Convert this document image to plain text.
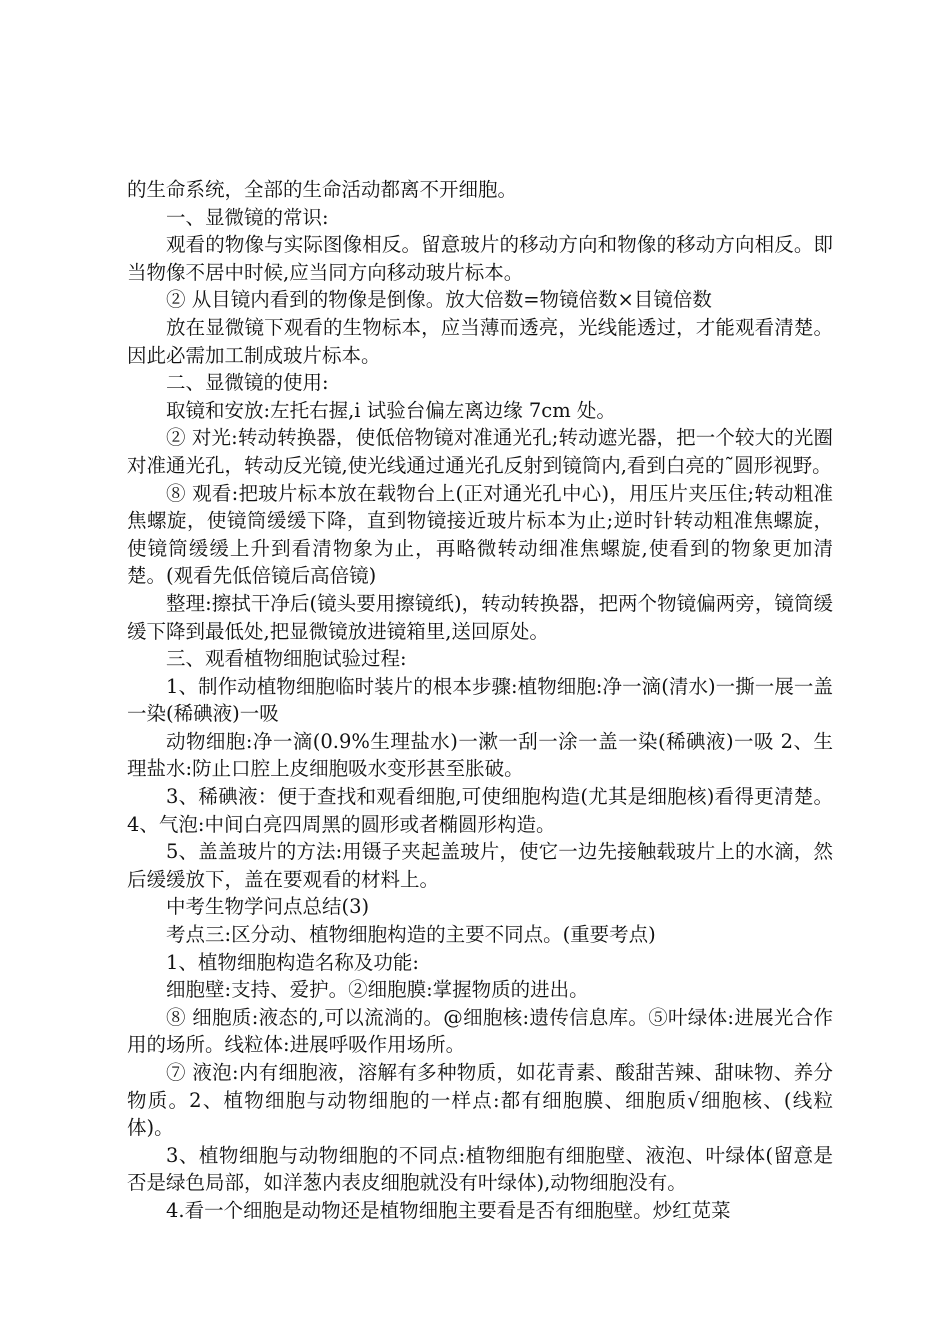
的生命系统，全部的生命活动都离不开细胞。

一、显微镜的常识:

观看的物像与实际图像相反。留意玻片的移动方向和物像的移动方向相反。即当物像不居中时候,应当同方向移动玻片标本。

② 从目镜内看到的物像是倒像。放大倍数=物镜倍数×目镜倍数

放在显微镜下观看的生物标本，应当薄而透亮，光线能透过，才能观看清楚。因此必需加工制成玻片标本。

二、显微镜的使用:

取镜和安放:左托右握,i 试验台偏左离边缘 7cm 处。

② 对光:转动转换器，使低倍物镜对准通光孔;转动遮光器，把一个较大的光圈对准通光孔，转动反光镜,使光线通过通光孔反射到镜筒内,看到白亮的˜圆形视野。

⑧ 观看:把玻片标本放在载物台上(正对通光孔中心)，用压片夹压住;转动粗准焦螺旋，使镜筒缓缓下降，直到物镜接近玻片标本为止;逆时针转动粗准焦螺旋，使镜筒缓缓上升到看清物象为止，再略微转动细准焦螺旋,使看到的物象更加清楚。(观看先低倍镜后高倍镜)

整理:擦拭干净后(镜头要用擦镜纸)，转动转换器，把两个物镜偏两旁，镜筒缓缓下降到最低处,把显微镜放进镜箱里,送回原处。

三、观看植物细胞试验过程:

1、制作动植物细胞临时装片的根本步骤:植物细胞:净一滴(清水)一撕一展一盖一染(稀碘液)一吸

动物细胞:净一滴(0.9%生理盐水)一漱一刮一涂一盖一染(稀碘液)一吸 2、生理盐水:防止口腔上皮细胞吸水变形甚至胀破。

3、稀碘液：便于查找和观看细胞,可使细胞构造(尤其是细胞核)看得更清楚。4、气泡:中间白亮四周黑的圆形或者椭圆形构造。

5、盖盖玻片的方法:用镊子夹起盖玻片，使它一边先接触载玻片上的水滴，然后缓缓放下，盖在要观看的材料上。

中考生物学问点总结(3)

考点三:区分动、植物细胞构造的主要不同点。(重要考点)

1、植物细胞构造名称及功能:

细胞壁:支持、爱护。②细胞膜:掌握物质的进出。

⑧ 细胞质:液态的,可以流淌的。@细胞核:遗传信息库。⑤叶绿体:进展光合作用的场所。线粒体:进展呼吸作用场所。

⑦ 液泡:内有细胞液，溶解有多种物质，如花青素、酸甜苦辣、甜味物、养分物质。2、植物细胞与动物细胞的一样点:都有细胞膜、细胞质√细胞核、(线粒体)。

3、植物细胞与动物细胞的不同点:植物细胞有细胞壁、液泡、叶绿体(留意是否是绿色局部，如洋葱内表皮细胞就没有叶绿体),动物细胞没有。

4.看一个细胞是动物还是植物细胞主要看是否有细胞壁。炒红苋菜
